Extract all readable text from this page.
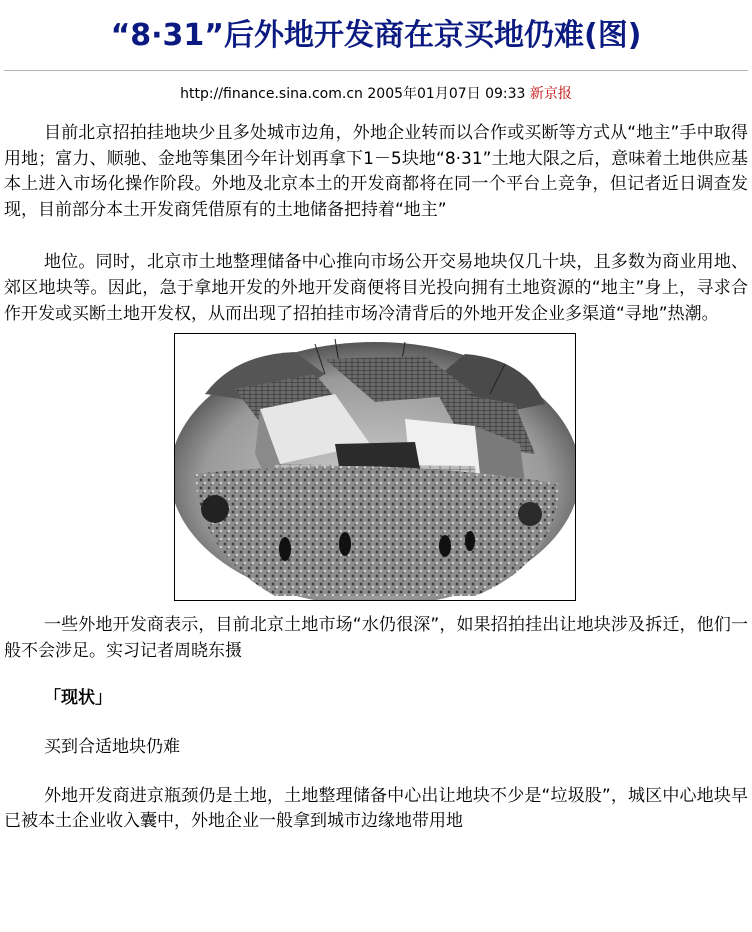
“8·31”后外地开发商在京买地仍难(图)
http://finance.sina.com.cn 2005年01月07日 09:33 新京报

目前北京招拍挂地块少且多处城市边角，外地企业转而以合作或买断等方式从“地主”手中取得用地；富力、顺驰、金地等集团今年计划再拿下1－5块地“8·31”土地大限之后，意味着土地供应基本上进入市场化操作阶段。外地及北京本土的开发商都将在同一个平台上竞争，但记者近日调查发现，目前部分本土开发商凭借原有的土地储备把持着“地主”

地位。同时，北京市土地整理储备中心推向市场公开交易地块仅几十块，且多数为商业用地、郊区地块等。因此，急于拿地开发的外地开发商便将目光投向拥有土地资源的“地主”身上，寻求合作开发或买断土地开发权，从而出现了招拍挂市场冷清背后的外地开发企业多渠道“寻地”热潮。

一些外地开发商表示，目前北京土地市场“水仍很深”，如果招拍挂出让地块涉及拆迁，他们一般不会涉足。实习记者周晓东摄

「现状」

买到合适地块仍难

外地开发商进京瓶颈仍是土地，土地整理储备中心出让地块不少是“垃圾股”，城区中心地块早已被本土企业收入囊中，外地企业一般拿到城市边缘地带用地
